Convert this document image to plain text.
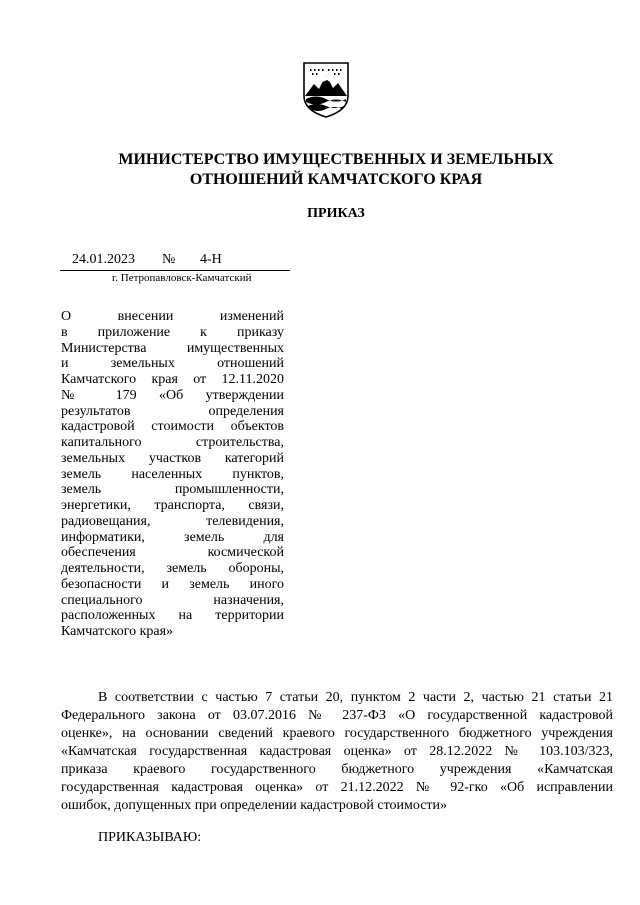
МИНИСТЕРСТВО ИМУЩЕСТВЕННЫХ И ЗЕМЕЛЬНЫХ
ОТНОШЕНИЙ КАМЧАТСКОГО КРАЯ
ПРИКАЗ
24.01.2023 № 4-Н
г. Петропавловск-Камчатский
О внесении изменений
в приложение к приказу
Министерства имущественных
и земельных отношений
Камчатского края от 12.11.2020
№ 179 «Об утверждении
результатов определения
кадастровой стоимости объектов
капитального строительства,
земельных участков категорий
земель населенных пунктов,
земель промышленности,
энергетики, транспорта, связи,
радиовещания, телевидения,
информатики, земель для
обеспечения космической
деятельности, земель обороны,
безопасности и земель иного
специального назначения,
расположенных на территории
Камчатского края»
В соответствии с частью 7 статьи 20, пунктом 2 части 2, частью 21 статьи 21
Федерального закона от 03.07.2016 № 237-ФЗ «О государственной кадастровой
оценке», на основании сведений краевого государственного бюджетного учреждения
«Камчатская государственная кадастровая оценка» от 28.12.2022 № 103.103/323,
приказа краевого государственного бюджетного учреждения «Камчатская
государственная кадастровая оценка» от 21.12.2022 № 92-гко «Об исправлении
ошибок, допущенных при определении кадастровой стоимости»
ПРИКАЗЫВАЮ:
